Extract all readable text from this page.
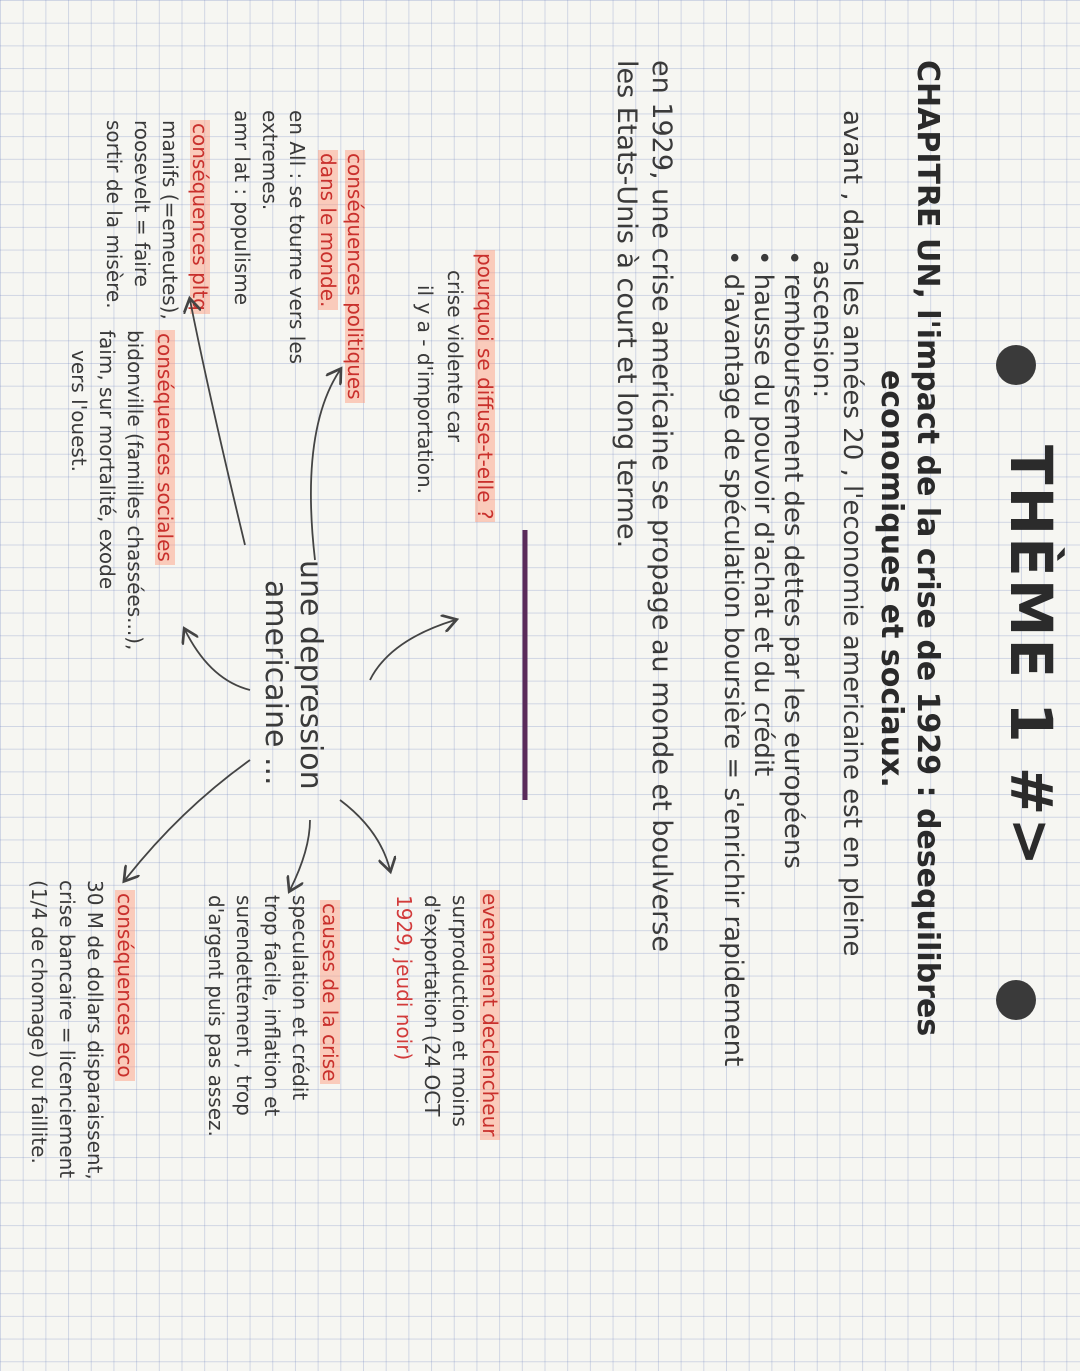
THÈME 1 #>
CHAPITRE UN, l'impact de la crise de 1929 : desequilibres
economiques et sociaux.
avant , dans les années 20 , l'economie americaine est en pleine
ascension:
• remboursement des dettes par les européens
• hausse du pouvoir d'achat et du crédit
• d'avantage de spéculation boursière = s'enrichir rapidement
en 1929, une crise americaine se propage au monde et boulverse
les Etats-Unis à court et long terme.
une depression
americaine ...
pourquoi se diffuse-t-elle ?
crise violente car
il y a - d'importation.
evenement declencheur
surproduction et moins
d'exportation (24 OCT
1929, jeudi noir)
causes de la crise
speculation et crédit
trop facile, inflation et
surendettement , trop
d'argent puis pas assez.
conséquences politiques
dans le monde.
en All : se tourne vers les
extremes.
amr lat : populisme
conséquences pltq
manifs (=emeutes),
roosevelt = faire
sortir de la misère.
conséquences sociales
bidonville (familles chassées...),
faim, sur mortalité, exode
vers l'ouest.
conséquences eco
30 M de dollars disparaissent,
crise bancaire = licenciement
(1/4 de chomage) ou faillite.
